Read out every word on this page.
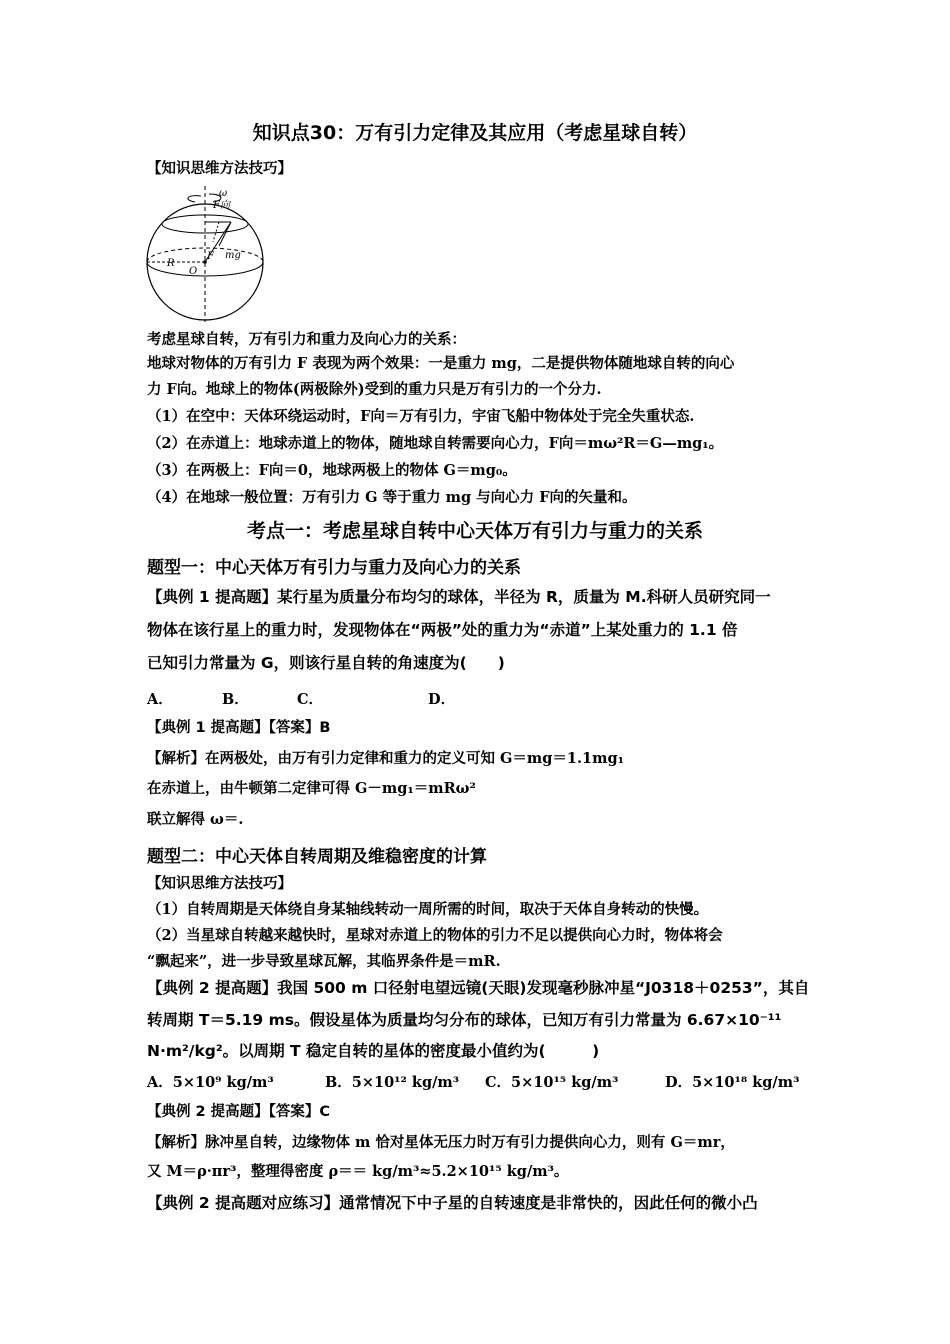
知识点30：万有引力定律及其应用（考虑星球自转）
【知识思维方法技巧】
ω
F向
F mg
R
O
考虑星球自转，万有引力和重力及向心力的关系：
地球对物体的万有引力 F 表现为两个效果：一是重力 mg，二是提供物体随地球自转的向心
力 F向。地球上的物体(两极除外)受到的重力只是万有引力的一个分力.
（1）在空中：天体环绕运动时，F向＝万有引力，宇宙飞船中物体处于完全失重状态.
（2）在赤道上：地球赤道上的物体，随地球自转需要向心力，F向＝mω²R＝G—mg₁。
（3）在两极上：F向＝0，地球两极上的物体 G＝mg₀。
（4）在地球一般位置：万有引力 G 等于重力 mg 与向心力 F向的矢量和。
考点一：考虑星球自转中心天体万有引力与重力的关系
题型一：中心天体万有引力与重力及向心力的关系
【典例 1 提高题】某行星为质量分布均匀的球体，半径为 R，质量为 M.科研人员研究同一
物体在该行星上的重力时，发现物体在“两极”处的重力为“赤道”上某处重力的 1.1 倍
已知引力常量为 G，则该行星自转的角速度为(　　)
A．	B．	C．	D．
【典例 1 提高题】【答案】B
【解析】在两极处，由万有引力定律和重力的定义可知 G＝mg＝1.1mg₁
在赤道上，由牛顿第二定律可得 G－mg₁＝mRω²
联立解得 ω＝.
题型二：中心天体自转周期及维稳密度的计算
【知识思维方法技巧】
（1）自转周期是天体绕自身某轴线转动一周所需的时间，取决于天体自身转动的快慢。
（2）当星球自转越来越快时，星球对赤道上的物体的引力不足以提供向心力时，物体将会
“飘起来”，进一步导致星球瓦解，其临界条件是＝mR.
【典例 2 提高题】我国 500 m 口径射电望远镜(天眼)发现毫秒脉冲星“J0318＋0253”，其自
转周期 T＝5.19 ms。假设星体为质量均匀分布的球体，已知万有引力常量为 6.67×10⁻¹¹
N·m²/kg²。以周期 T 稳定自转的星体的密度最小值约为(　　　)
A．5×10⁹ kg/m³	B．5×10¹² kg/m³ C．5×10¹⁵ kg/m³	D．5×10¹⁸ kg/m³
【典例 2 提高题】【答案】C
【解析】脉冲星自转，边缘物体 m 恰对星体无压力时万有引力提供向心力，则有 G＝mr，
又 M＝ρ·πr³，整理得密度 ρ＝＝ kg/m³≈5.2×10¹⁵ kg/m³。
【典例 2 提高题对应练习】通常情况下中子星的自转速度是非常快的，因此任何的微小凸
